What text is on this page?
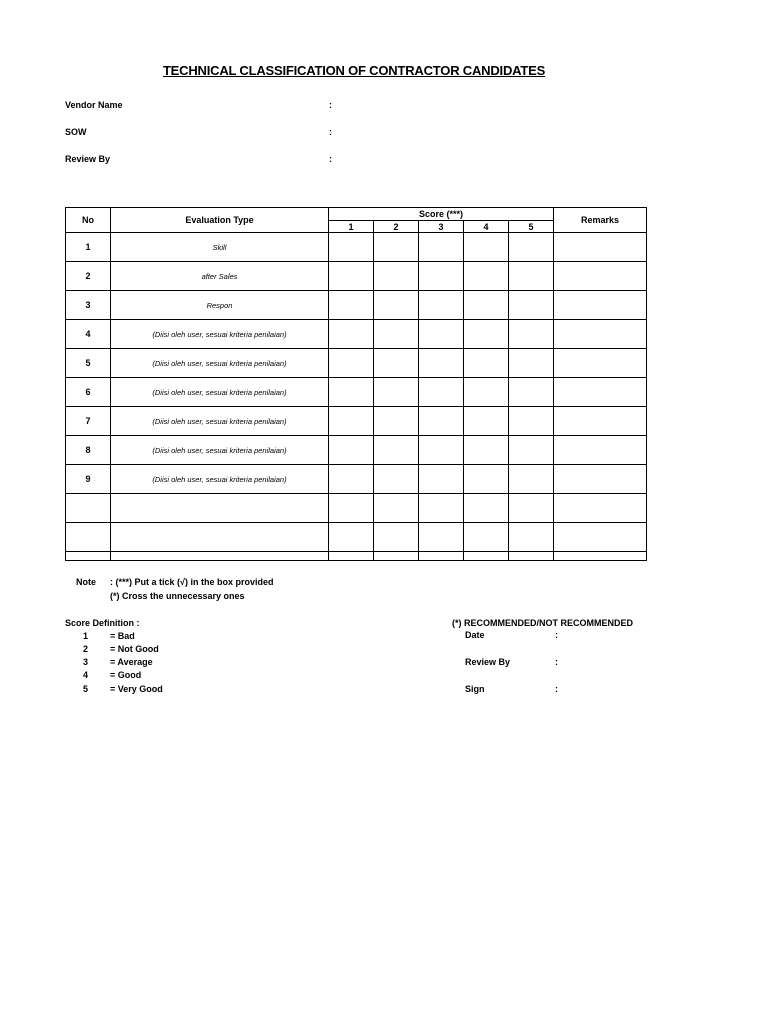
TECHNICAL CLASSIFICATION OF CONTRACTOR CANDIDATES
Vendor Name	:
SOW	:
Review By	:
No	Evaluation Type	Score (***)					Remarks
		1	2	3	4	5	
1	Skill						
2	after Sales						
3	Respon						
4	(Diisi oleh user, sesuai kriteria penilaian)						
5	(Diisi oleh user, sesuai kriteria penilaian)						
6	(Diisi oleh user, sesuai kriteria penilaian)						
7	(Diisi oleh user, sesuai kriteria penilaian)						
8	(Diisi oleh user, sesuai kriteria penilaian)						
9	(Diisi oleh user, sesuai kriteria penilaian)						

Note : (***) Put a tick (√) in the box provided
(*) Cross the unnecessary ones
Score Definition :
1 = Bad
2 = Not Good
3 = Average
4 = Good
5 = Very Good
(*) RECOMMENDED/NOT RECOMMENDED
Date	:
Review By	:
Sign	:
